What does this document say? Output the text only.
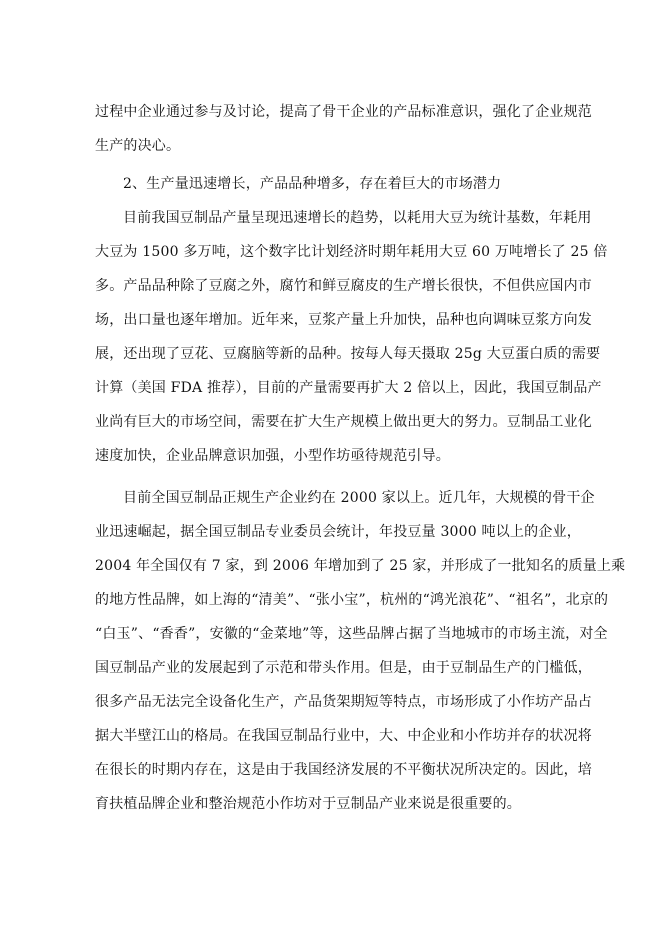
过程中企业通过参与及讨论，提高了骨干企业的产品标准意识，强化了企业规范
生产的决心。
2、生产量迅速增长，产品品种增多，存在着巨大的市场潜力
目前我国豆制品产量呈现迅速增长的趋势，以耗用大豆为统计基数，年耗用
大豆为 1500 多万吨，这个数字比计划经济时期年耗用大豆 60 万吨增长了 25 倍
多。产品品种除了豆腐之外，腐竹和鲜豆腐皮的生产增长很快，不但供应国内市
场，出口量也逐年增加。近年来，豆浆产量上升加快，品种也向调味豆浆方向发
展，还出现了豆花、豆腐脑等新的品种。按每人每天摄取 25g 大豆蛋白质的需要
计算（美国 FDA 推荐），目前的产量需要再扩大 2 倍以上，因此，我国豆制品产
业尚有巨大的市场空间，需要在扩大生产规模上做出更大的努力。豆制品工业化
速度加快，企业品牌意识加强，小型作坊亟待规范引导。
目前全国豆制品正规生产企业约在 2000 家以上。近几年，大规模的骨干企
业迅速崛起，据全国豆制品专业委员会统计，年投豆量 3000 吨以上的企业，
2004 年全国仅有 7 家，到 2006 年增加到了 25 家，并形成了一批知名的质量上乘
的地方性品牌，如上海的“清美”、“张小宝”，杭州的“鸿光浪花”、“祖名”，北京的
“白玉”、“香香”，安徽的“金菜地”等，这些品牌占据了当地城市的市场主流，对全
国豆制品产业的发展起到了示范和带头作用。但是，由于豆制品生产的门槛低，
很多产品无法完全设备化生产，产品货架期短等特点，市场形成了小作坊产品占
据大半壁江山的格局。在我国豆制品行业中，大、中企业和小作坊并存的状况将
在很长的时期内存在，这是由于我国经济发展的不平衡状况所决定的。因此，培
育扶植品牌企业和整治规范小作坊对于豆制品产业来说是很重要的。
